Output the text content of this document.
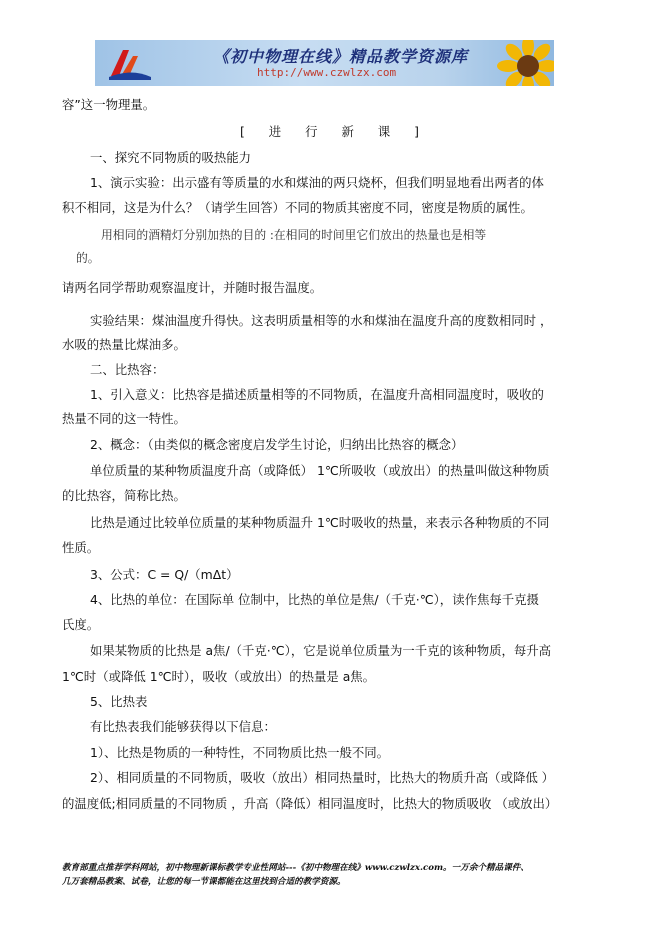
《初中物理在线》精品教学资源库
http://www.czwlzx.com
容”这一物理量。
[ 进 行 新 课 ]
一、探究不同物质的吸热能力
1、演示实验：出示盛有等质量的水和煤油的两只烧杯，但我们明显地看出两者的体
积不相同，这是为什么？（请学生回答）不同的物质其密度不同，密度是物质的属性。
用相同的酒精灯分别加热的目的 :在相同的时间里它们放出的热量也是相等
的。
请两名同学帮助观察温度计，并随时报告温度。
实验结果：煤油温度升得快。这表明质量相等的水和煤油在温度升高的度数相同时 ，
水吸的热量比煤油多。
二、比热容：
1、引入意义：比热容是描述质量相等的不同物质，在温度升高相同温度时，吸收的
热量不同的这一特性。
2、概念：（由类似的概念密度启发学生讨论，归纳出比热容的概念）
单位质量的某种物质温度升高（或降低） 1℃所吸收（或放出）的热量叫做这种物质
的比热容，简称比热。
比热是通过比较单位质量的某种物质温升 1℃时吸收的热量，来表示各种物质的不同
性质。
3、公式：C = Q/（mΔt）
4、比热的单位：在国际单 位制中，比热的单位是焦/（千克·℃），读作焦每千克摄
氏度。
如果某物质的比热是 a焦/（千克·℃），它是说单位质量为一千克的该种物质，每升高
1℃时（或降低 1℃时），吸收（或放出）的热量是 a焦。
5、比热表
有比热表我们能够获得以下信息：
1）、比热是物质的一种特性，不同物质比热一般不同。
2）、相同质量的不同物质，吸收（放出）相同热量时，比热大的物质升高（或降低 ）
的温度低;相同质量的不同物质 ，升高（降低）相同温度时，比热大的物质吸收 （或放出）
教育部重点推荐学科网站，初中物理新课标教学专业性网站---《初中物理在线》www.czwlzx.com。一万余个精品课件、
几万套精品教案、试卷，让您的每一节课都能在这里找到合适的教学资源。
